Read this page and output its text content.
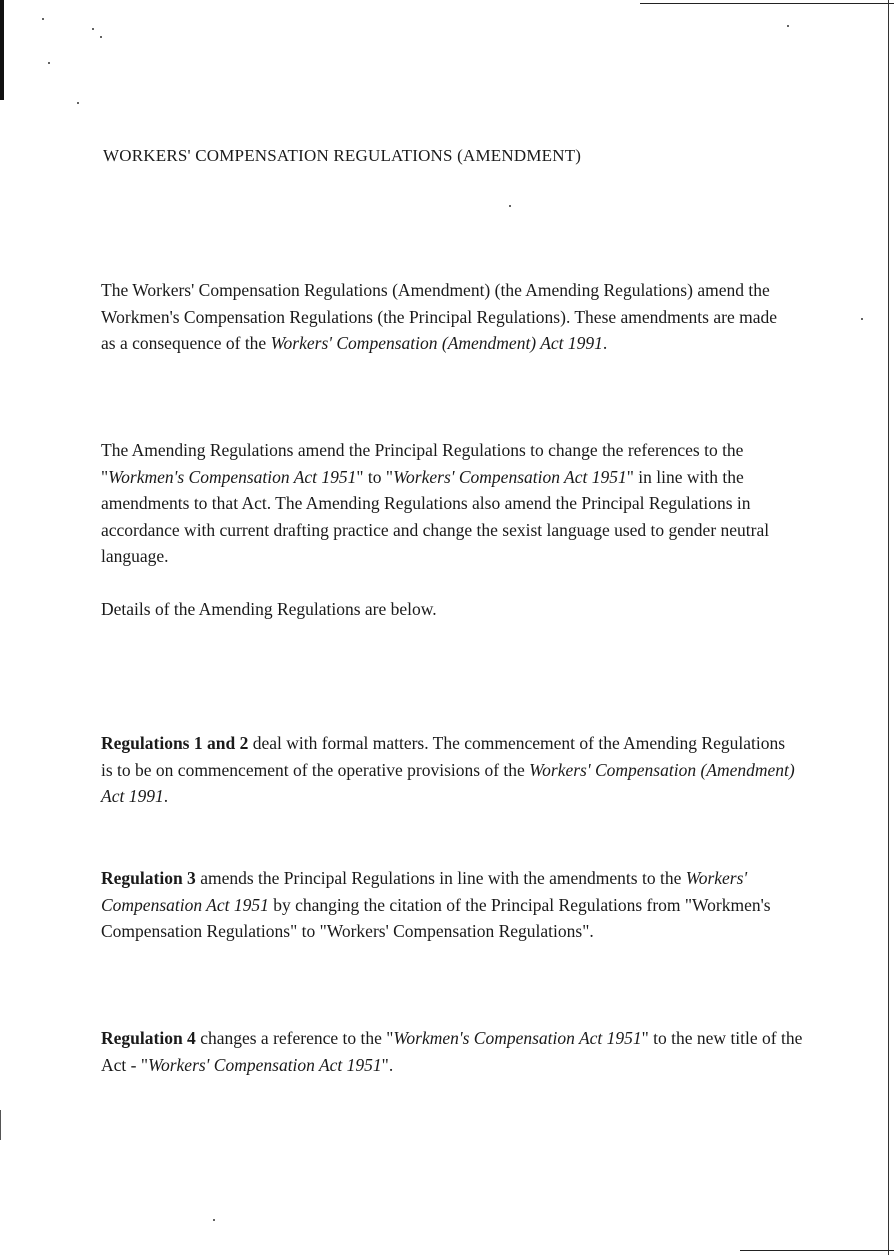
WORKERS' COMPENSATION REGULATIONS (AMENDMENT)

The Workers' Compensation Regulations (Amendment) (the Amending Regulations) amend the Workmen's Compensation Regulations (the Principal Regulations). These amendments are made as a consequence of the Workers' Compensation (Amendment) Act 1991.

The Amending Regulations amend the Principal Regulations to change the references to the "Workmen's Compensation Act 1951" to "Workers' Compensation Act 1951" in line with the amendments to that Act. The Amending Regulations also amend the Principal Regulations in accordance with current drafting practice and change the sexist language used to gender neutral language.

Details of the Amending Regulations are below.

Regulations 1 and 2 deal with formal matters. The commencement of the Amending Regulations is to be on commencement of the operative provisions of the Workers' Compensation (Amendment) Act 1991.

Regulation 3 amends the Principal Regulations in line with the amendments to the Workers' Compensation Act 1951 by changing the citation of the Principal Regulations from "Workmen's Compensation Regulations" to "Workers' Compensation Regulations".

Regulation 4 changes a reference to the "Workmen's Compensation Act 1951" to the new title of the Act - "Workers' Compensation Act 1951".
